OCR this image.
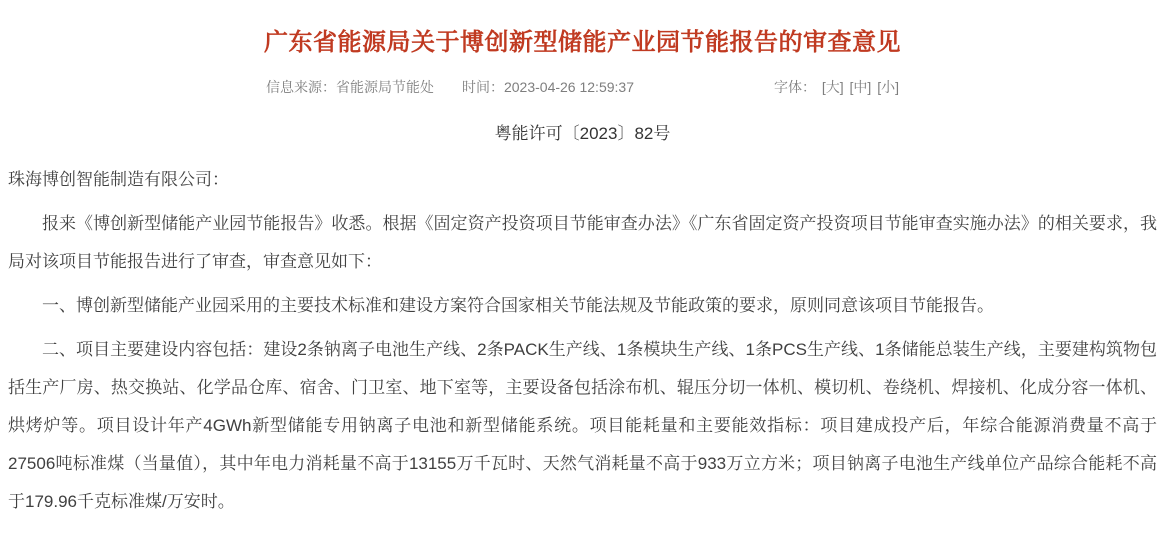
广东省能源局关于博创新型储能产业园节能报告的审查意见
信息来源：省能源局节能处 时间：2023-04-26 12:59:37	字体： [大] [中] [小]
粤能许可〔2023〕82号

珠海博创智能制造有限公司：

报来《博创新型储能产业园节能报告》收悉。根据《固定资产投资项目节能审查办法》《广东省固定资产投资项目节能审查实施办法》的相关要求，我局对该项目节能报告进行了审查，审查意见如下：

一、博创新型储能产业园采用的主要技术标准和建设方案符合国家相关节能法规及节能政策的要求，原则同意该项目节能报告。

二、项目主要建设内容包括：建设2条钠离子电池生产线、2条PACK生产线、1条模块生产线、1条PCS生产线、1条储能总装生产线，主要建构筑物包括生产厂房、热交换站、化学品仓库、宿舍、门卫室、地下室等，主要设备包括涂布机、辊压分切一体机、模切机、卷绕机、焊接机、化成分容一体机、烘烤炉等。项目设计年产4GWh新型储能专用钠离子电池和新型储能系统。项目能耗量和主要能效指标：项目建成投产后，年综合能源消费量不高于27506吨标准煤（当量值），其中年电力消耗量不高于13155万千瓦时、天然气消耗量不高于933万立方米；项目钠离子电池生产线单位产品综合能耗不高于179.96千克标准煤/万安时。
